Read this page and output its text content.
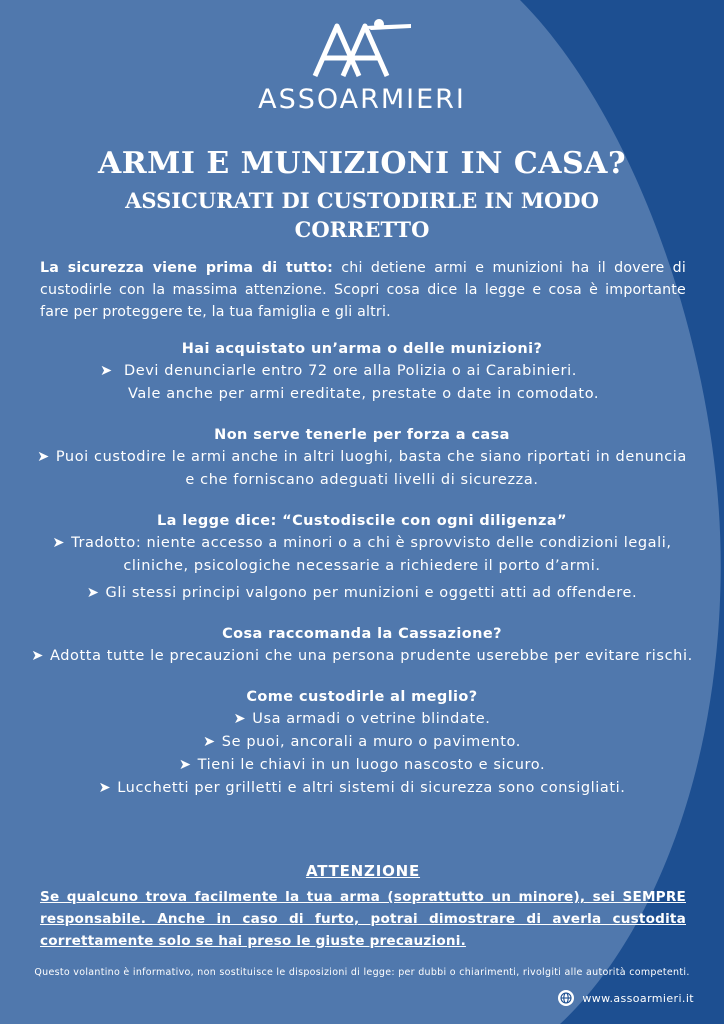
ASSOARMIERI
ARMI E MUNIZIONI IN CASA?
ASSICURATI DI CUSTODIRLE IN MODO CORRETTO
La sicurezza viene prima di tutto: chi detiene armi e munizioni ha il dovere di custodirle con la massima attenzione. Scopri cosa dice la legge e cosa è importante fare per proteggere te, la tua famiglia e gli altri.
Hai acquistato un’arma o delle munizioni?
➤ Devi denunciarle entro 72 ore alla Polizia o ai Carabinieri.
Vale anche per armi ereditate, prestate o date in comodato.
Non serve tenerle per forza a casa
➤ Puoi custodire le armi anche in altri luoghi, basta che siano riportati in denuncia e che forniscano adeguati livelli di sicurezza.
La legge dice: “Custodiscile con ogni diligenza”
➤ Tradotto: niente accesso a minori o a chi è sprovvisto delle condizioni legali, cliniche, psicologiche necessarie a richiedere il porto d’armi.
➤ Gli stessi principi valgono per munizioni e oggetti atti ad offendere.
Cosa raccomanda la Cassazione?
➤ Adotta tutte le precauzioni che una persona prudente userebbe per evitare rischi.
Come custodirle al meglio?
➤ Usa armadi o vetrine blindate.
➤ Se puoi, ancorali a muro o pavimento.
➤ Tieni le chiavi in un luogo nascosto e sicuro.
➤ Lucchetti per grilletti e altri sistemi di sicurezza sono consigliati.
ATTENZIONE
Se qualcuno trova facilmente la tua arma (soprattutto un minore), sei SEMPRE responsabile. Anche in caso di furto, potrai dimostrare di averla custodita correttamente solo se hai preso le giuste precauzioni.
Questo volantino è informativo, non sostituisce le disposizioni di legge: per dubbi o chiarimenti, rivolgiti alle autorità competenti.
www.assoarmieri.it
